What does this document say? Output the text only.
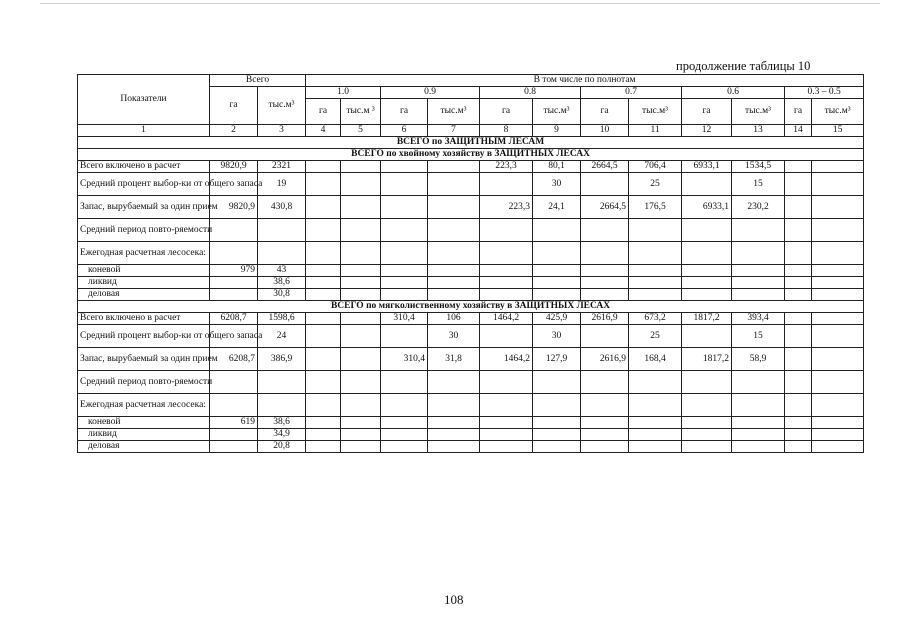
продолжение таблицы 10
Показатели	Всего		В том числе по полнотам											
	га	тыс.м³	1.0		0.9		0.8		0.7		0.6		0.3 – 0.5	
			га	тыс.м ³	га	тыс.м³	га	тыс.м³	га	тыс.м³	га	тыс.м³	га	тыс.м³
1	2	3	4	5	6	7	8	9	10	11	12	13	14	15
ВСЕГО по ЗАЩИТНЫМ ЛЕСАМ														
ВСЕГО по хвойному хозяйству в ЗАЩИТНЫХ ЛЕСАХ														
Всего включено в расчет	9820,9	2321					223,3	80,1	2664,5	706,4	6933,1	1534,5		
Средний процент выбор-ки от общего запаса		19						30		25		15		
Запас, вырубаемый за один прием	9820,9	430,8					223,3	24,1	2664,5	176,5	6933,1	230,2		
Средний период повто-ряемости														
Ежегодная расчетная лесосека:														
коневой	979	43												
ликвид		38,6												
деловая		30,8												
ВСЕГО по мягколиственному хозяйству в ЗАЩИТНЫХ ЛЕСАХ														
Всего включено в расчет	6208,7	1598,6			310,4	106	1464,2	425,9	2616,9	673,2	1817,2	393,4		
Средний процент выбор-ки от общего запаса		24				30		30		25		15		
Запас, вырубаемый за один прием	6208,7	386,9			310,4	31,8	1464,2	127,9	2616,9	168,4	1817,2	58,9		
Средний период повто-ряемости														
Ежегодная расчетная лесосека:														
коневой	619	38,6												
ликвид		34,9												
деловая		20,8												
108
